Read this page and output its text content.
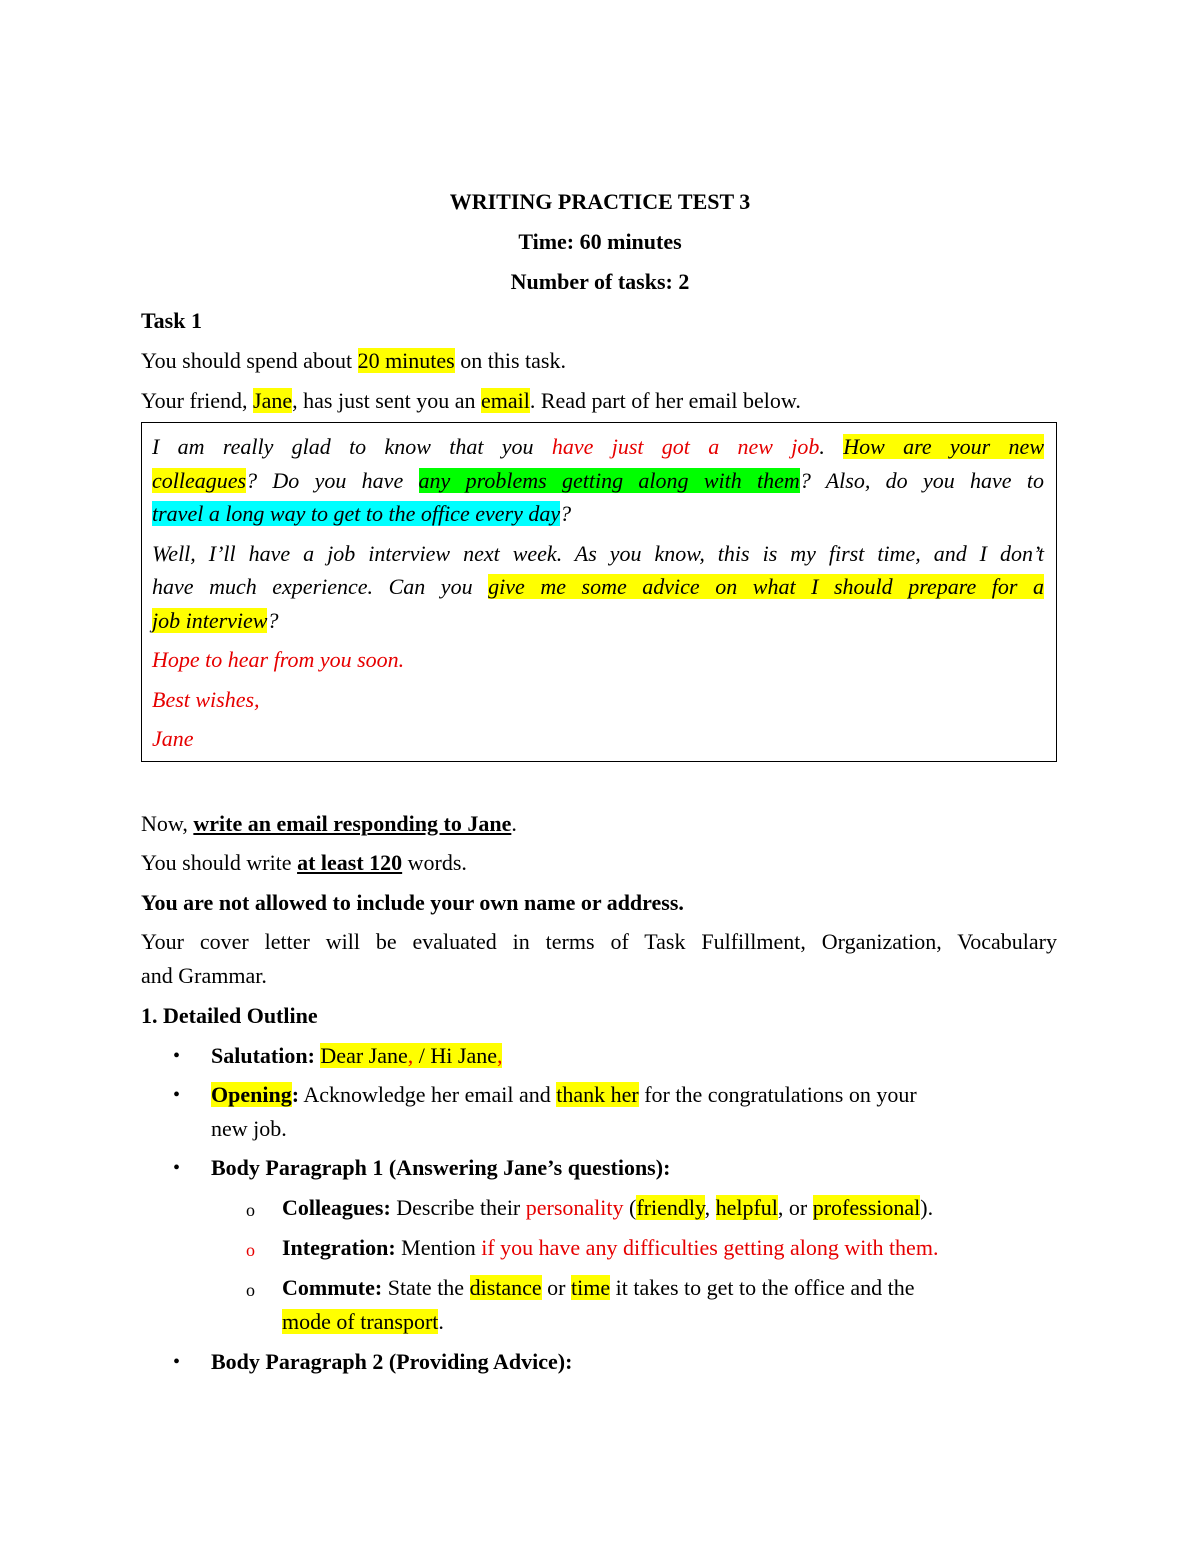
WRITING PRACTICE TEST 3
Time: 60 minutes
Number of tasks: 2
Task 1
You should spend about 20 minutes on this task.
Your friend, Jane, has just sent you an email. Read part of her email below.
I am really glad to know that you have just got a new job. How are your new
colleagues? Do you have any problems getting along with them? Also, do you have to
travel a long way to get to the office every day?
Well, I’ll have a job interview next week. As you know, this is my first time, and I don’t
have much experience. Can you give me some advice on what I should prepare for a
job interview?
Hope to hear from you soon.
Best wishes,
Jane
Now, write an email responding to Jane.
You should write at least 120 words.
You are not allowed to include your own name or address.
Your cover letter will be evaluated in terms of Task Fulfillment, Organization, Vocabulary
and Grammar.
1. Detailed Outline
• Salutation: Dear Jane, / Hi Jane,
• Opening: Acknowledge her email and thank her for the congratulations on your
new job.
• Body Paragraph 1 (Answering Jane’s questions):
o Colleagues: Describe their personality (friendly, helpful, or professional).
o Integration: Mention if you have any difficulties getting along with them.
o Commute: State the distance or time it takes to get to the office and the
mode of transport.
• Body Paragraph 2 (Providing Advice):
